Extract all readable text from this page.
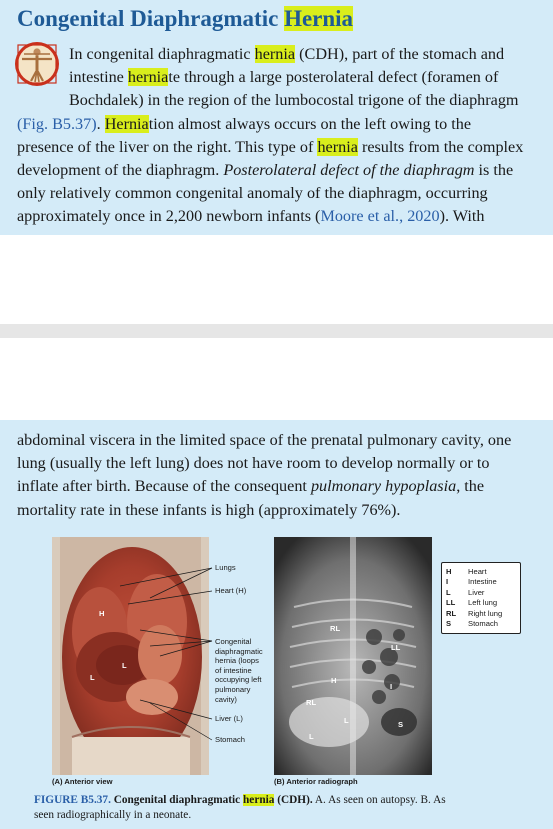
Congenital Diaphragmatic Hernia
In congenital diaphragmatic hernia (CDH), part of the stomach and
intestine herniate through a large posterolateral defect (foramen of
Bochdalek) in the region of the lumbocostal trigone of the diaphragm
(Fig. B5.37). Herniation almost always occurs on the left owing to the
presence of the liver on the right. This type of hernia results from the complex
development of the diaphragm. Posterolateral defect of the diaphragm is the
only relatively common congenital anomaly of the diaphragm, occurring
approximately once in 2,200 newborn infants (Moore et al., 2020). With
abdominal viscera in the limited space of the prenatal pulmonary cavity, one
lung (usually the left lung) does not have room to develop normally or to
inflate after birth. Because of the consequent pulmonary hypoplasia, the
mortality rate in these infants is high (approximately 76%).
H
L
L
Lungs
Heart (H)
Congenital
diaphragmatic
hernia (loops
of intestine
occupying left
pulmonary
cavity)
Liver (L)
Stomach
(A) Anterior view
RL
LL
H
I
RL
L	S
L
H Heart
I	Intestine
L Liver
LL Left lung
RL Right lung
S Stomach
(B) Anterior radiograph
FIGURE B5.37. Congenital diaphragmatic hernia (CDH). A. As seen on autopsy. B. As
seen radiographically in a neonate.
